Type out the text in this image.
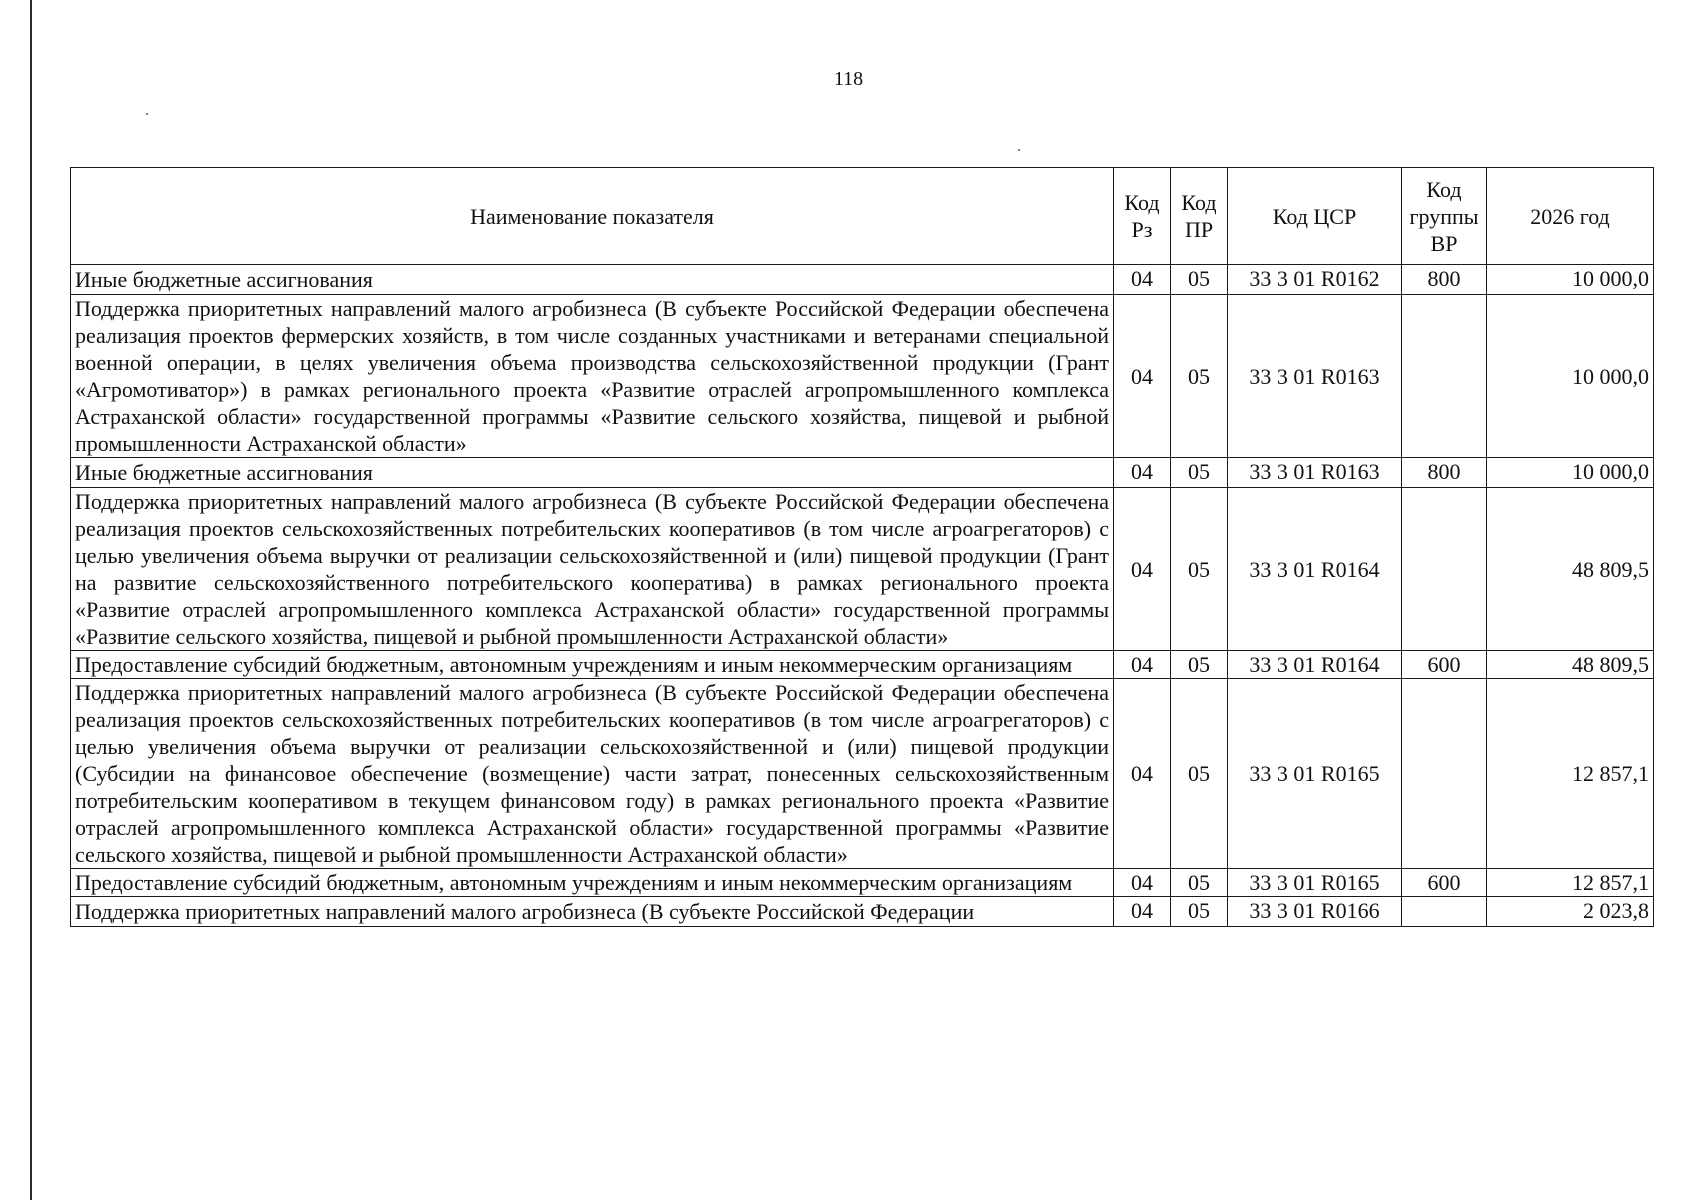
118
Наименование показателя	Код Рз	Код ПР	Код ЦСР	Код группы ВР	2026 год
Иные бюджетные ассигнования	04	05	33 3 01 R0162	800	10 000,0
Поддержка приоритетных направлений малого агробизнеса (В субъекте Российской Федерации обеспечена реализация проектов фермерских хозяйств, в том числе созданных участниками и ветеранами специальной военной операции, в целях увеличения объема производства сельскохозяйственной продукции (Грант «Агромотиватор») в рамках регионального проекта «Развитие отраслей агропромышленного комплекса Астраханской области» государственной программы «Развитие сельского хозяйства, пищевой и рыбной промышленности Астраханской области»	04	05	33 3 01 R0163		10 000,0
Иные бюджетные ассигнования	04	05	33 3 01 R0163	800	10 000,0
Поддержка приоритетных направлений малого агробизнеса (В субъекте Российской Федерации обеспечена реализация проектов сельскохозяйственных потребительских кооперативов (в том числе агроагрегаторов) с целью увеличения объема выручки от реализации сельскохозяйственной и (или) пищевой продукции (Грант на развитие сельскохозяйственного потребительского кооператива) в рамках регионального проекта «Развитие отраслей агропромышленного комплекса Астраханской области» государственной программы «Развитие сельского хозяйства, пищевой и рыбной промышленности Астраханской области»	04	05	33 3 01 R0164		48 809,5
Предоставление субсидий бюджетным, автономным учреждениям и иным некоммерческим организациям	04	05	33 3 01 R0164	600	48 809,5
Поддержка приоритетных направлений малого агробизнеса (В субъекте Российской Федерации обеспечена реализация проектов сельскохозяйственных потребительских кооперативов (в том числе агроагрегаторов) с целью увеличения объема выручки от реализации сельскохозяйственной и (или) пищевой продукции (Субсидии на финансовое обеспечение (возмещение) части затрат, понесенных сельскохозяйственным потребительским кооперативом в текущем финансовом году) в рамках регионального проекта «Развитие отраслей агропромышленного комплекса Астраханской области» государственной программы «Развитие сельского хозяйства, пищевой и рыбной промышленности Астраханской области»	04	05	33 3 01 R0165		12 857,1
Предоставление субсидий бюджетным, автономным учреждениям и иным некоммерческим организациям	04	05	33 3 01 R0165	600	12 857,1
Поддержка приоритетных направлений малого агробизнеса (В субъекте Российской Федерации	04	05	33 3 01 R0166		2 023,8
